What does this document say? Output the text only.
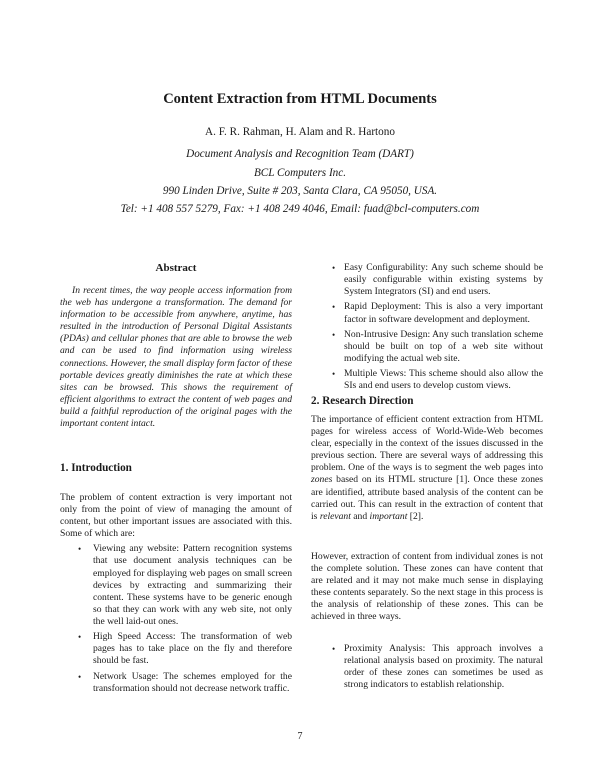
Content Extraction from HTML Documents
A. F. R. Rahman, H. Alam and R. Hartono
Document Analysis and Recognition Team (DART)
BCL Computers Inc.
990 Linden Drive, Suite # 203, Santa Clara, CA 95050, USA.
Tel: +1 408 557 5279, Fax: +1 408 249 4046, Email: fuad@bcl-computers.com
Abstract
In recent times, the way people access information from the web has undergone a transformation. The demand for information to be accessible from anywhere, anytime, has resulted in the introduction of Personal Digital Assistants (PDAs) and cellular phones that are able to browse the web and can be used to find information using wireless connections. However, the small display form factor of these portable devices greatly diminishes the rate at which these sites can be browsed. This shows the requirement of efficient algorithms to extract the content of web pages and build a faithful reproduction of the original pages with the important content intact.
1. Introduction

The problem of content extraction is very important not only from the point of view of managing the amount of content, but other important issues are associated with this. Some of which are:

• Viewing any website: Pattern recognition systems that use document analysis techniques can be employed for displaying web pages on small screen devices by extracting and summarizing their content. These systems have to be generic enough so that they can work with any web site, not only the well laid-out ones.
• High Speed Access: The transformation of web pages has to take place on the fly and therefore should be fast.
• Network Usage: The schemes employed for the transformation should not decrease network traffic.
• Easy Configurability: Any such scheme should be easily configurable within existing systems by System Integrators (SI) and end users.
• Rapid Deployment: This is also a very important factor in software development and deployment.
• Non-Intrusive Design: Any such translation scheme should be built on top of a web site without modifying the actual web site.
• Multiple Views: This scheme should also allow the SIs and end users to develop custom views.
2. Research Direction

The importance of efficient content extraction from HTML pages for wireless access of World-Wide-Web becomes clear, especially in the context of the issues discussed in the previous section. There are several ways of addressing this problem. One of the ways is to segment the web pages into zones based on its HTML structure [1]. Once these zones are identified, attribute based analysis of the content can be carried out. This can result in the extraction of content that is relevant and important [2].

However, extraction of content from individual zones is not the complete solution. These zones can have content that are related and it may not make much sense in displaying these contents separately. So the next stage in this process is the analysis of relationship of these zones. This can be achieved in three ways.

• Proximity Analysis: This approach involves a relational analysis based on proximity. The natural order of these zones can sometimes be used as strong indicators to establish relationship.
7
